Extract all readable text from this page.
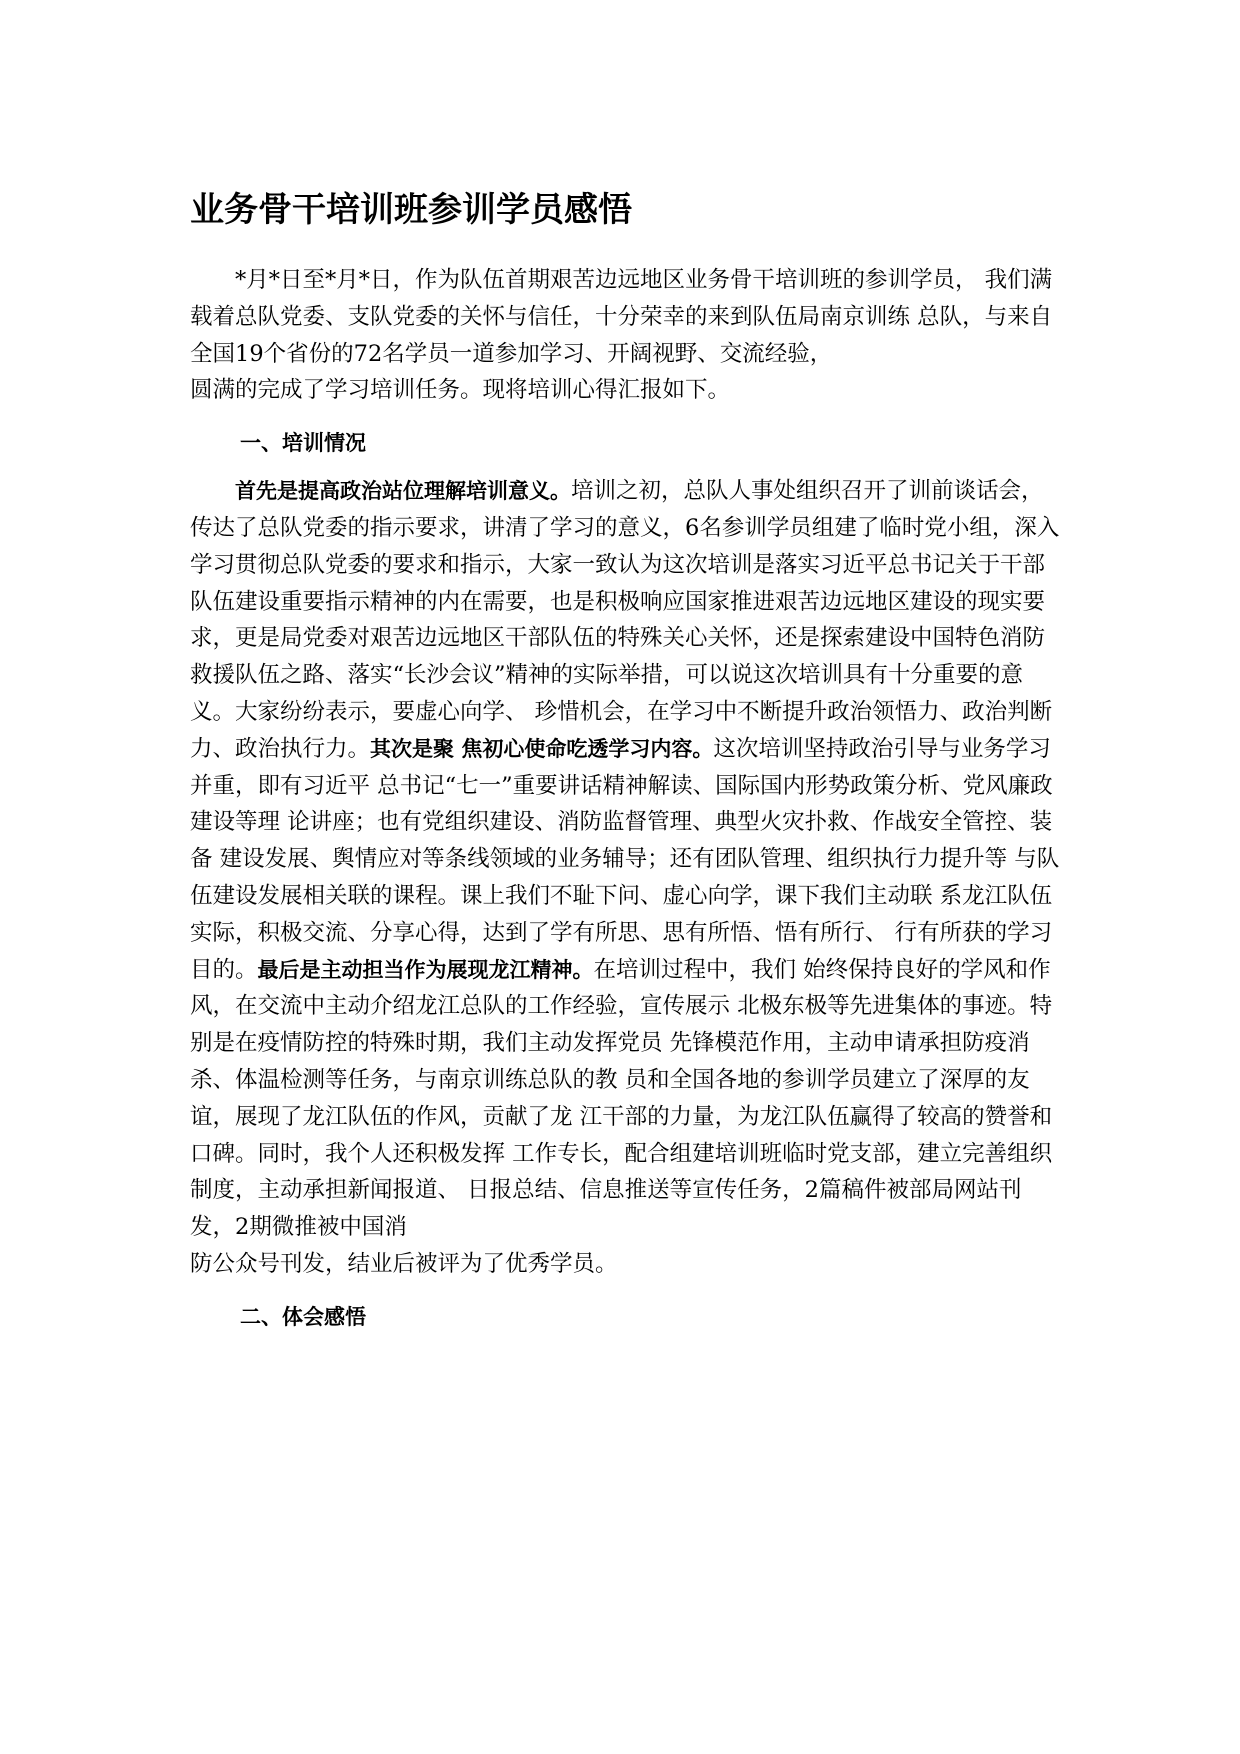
业务骨干培训班参训学员感悟

*月*日至*月*日，作为队伍首期艰苦边远地区业务骨干培训班的参训学员， 我们满载着总队党委、支队党委的关怀与信任，十分荣幸的来到队伍局南京训练 总队，与来自全国19个省份的72名学员一道参加学习、开阔视野、交流经验，

圆满的完成了学习培训任务。现将培训心得汇报如下。

一、培训情况

首先是提高政治站位理解培训意义。培训之初，总队人事处组织召开了训前谈话会，传达了总队党委的指示要求，讲清了学习的意义，6名参训学员组建了临时党小组，深入学习贯彻总队党委的要求和指示，大家一致认为这次培训是落实习近平总书记关于干部队伍建设重要指示精神的内在需要，也是积极响应国家推进艰苦边远地区建设的现实要求，更是局党委对艰苦边远地区干部队伍的特殊关心关怀，还是探索建设中国特色消防救援队伍之路、落实“长沙会议”精神的实际举措，可以说这次培训具有十分重要的意义。大家纷纷表示，要虚心向学、 珍惜机会，在学习中不断提升政治领悟力、政治判断力、政治执行力。其次是聚 焦初心使命吃透学习内容。这次培训坚持政治引导与业务学习并重，即有习近平 总书记“七一”重要讲话精神解读、国际国内形势政策分析、党风廉政建设等理 论讲座；也有党组织建设、消防监督管理、典型火灾扑救、作战安全管控、装备 建设发展、舆情应对等条线领域的业务辅导；还有团队管理、组织执行力提升等 与队伍建设发展相关联的课程。课上我们不耻下问、虚心向学，课下我们主动联 系龙江队伍实际，积极交流、分享心得，达到了学有所思、思有所悟、悟有所行、 行有所获的学习目的。最后是主动担当作为展现龙江精神。在培训过程中，我们 始终保持良好的学风和作风，在交流中主动介绍龙江总队的工作经验，宣传展示 北极东极等先进集体的事迹。特别是在疫情防控的特殊时期，我们主动发挥党员 先锋模范作用，主动申请承担防疫消杀、体温检测等任务，与南京训练总队的教 员和全国各地的参训学员建立了深厚的友谊，展现了龙江队伍的作风，贡献了龙 江干部的力量，为龙江队伍赢得了较高的赞誉和口碑。同时，我个人还积极发挥 工作专长，配合组建培训班临时党支部，建立完善组织制度，主动承担新闻报道、 日报总结、信息推送等宣传任务，2篇稿件被部局网站刊发，2期微推被中国消

防公众号刊发，结业后被评为了优秀学员。

二、体会感悟
